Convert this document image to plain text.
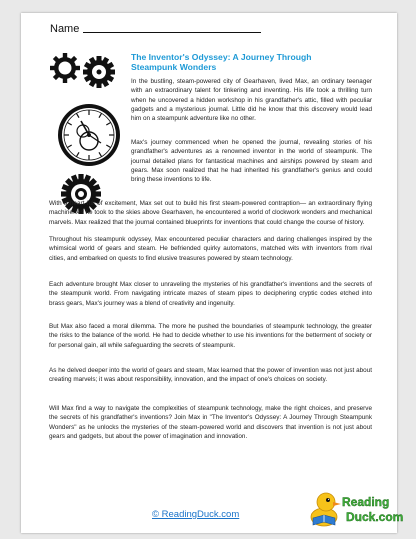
Name
The Inventor's Odyssey: A Journey Through
Steampunk Wonders

In the bustling, steam-powered city of Gearhaven, lived Max, an ordinary teenager with an extraordinary talent for tinkering and inventing. His life took a thrilling turn when he uncovered a hidden workshop in his grandfather's attic, filled with peculiar gadgets and a mysterious journal. Little did he know that this discovery would lead him on a steampunk adventure like no other.

Max's journey commenced when he opened the journal, revealing stories of his grandfather's adventures as a renowned inventor in the world of steampunk. The journal detailed plans for fantastical machines and airships powered by steam and gears. Max soon realized that he had inherited his grandfather's genius and could bring these inventions to life.

With a heart full of excitement, Max set out to build his first steam-powered contraption— an extraordinary flying machine. As he took to the skies above Gearhaven, he encountered a world of clockwork wonders and mechanical marvels. Max realized that the journal contained blueprints for inventions that could change the course of history.

Throughout his steampunk odyssey, Max encountered peculiar characters and daring challenges inspired by the whimsical world of gears and steam. He befriended quirky automatons, matched wits with inventors from rival cities, and embarked on quests to find elusive treasures powered by steam technology.

Each adventure brought Max closer to unraveling the mysteries of his grandfather's inventions and the secrets of the steampunk world. From navigating intricate mazes of steam pipes to deciphering cryptic codes etched into brass gears, Max's journey was a blend of creativity and ingenuity.

But Max also faced a moral dilemma. The more he pushed the boundaries of steampunk technology, the greater the risks to the balance of the world. He had to decide whether to use his inventions for the betterment of society or for personal gain, all while safeguarding the secrets of steampunk.

As he delved deeper into the world of gears and steam, Max learned that the power of invention was not just about creating marvels; it was about responsibility, innovation, and the impact of one's choices on society.

Will Max find a way to navigate the complexities of steampunk technology, make the right choices, and preserve the secrets of his grandfather's inventions? Join Max in "The Inventor's Odyssey: A Journey Through Steampunk Wonders" as he unlocks the mysteries of the steam-powered world and discovers that invention is not just about gears and gadgets, but about the power of imagination and innovation.

© ReadingDuck.com
Reading
Duck.com
